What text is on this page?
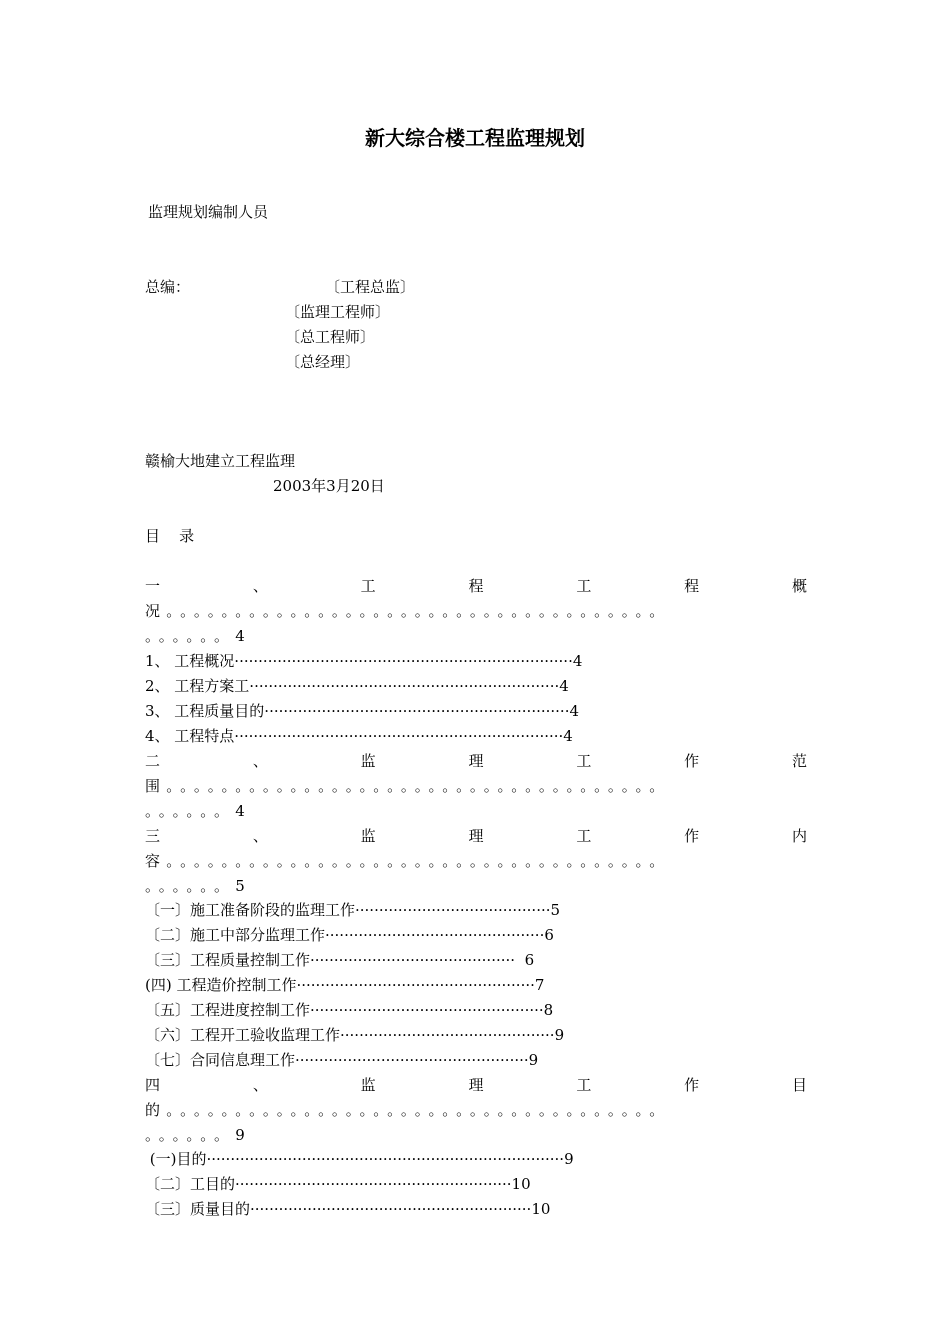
新大综合楼工程监理规划
监理规划编制人员
总编：	〔工程总监〕
〔监理工程师〕
〔总工程师〕
〔总经理〕
赣榆大地建立工程监理
2003年3月20日
目    录
一	、	工	程	工	程	概
况。。。。。。。。。。。。。。。。。。。。。。。。。。。。。。。。。。。。
。。。。。。4
1、 工程概况·······································································4
2、 工程方案工·································································4
3、 工程质量目的································································4
4、 工程特点·····································································4
二	、	监	理	工	作	范
围。。。。。。。。。。。。。。。。。。。。。。。。。。。。。。。。。。。。
。。。。。。4
三	、	监	理	工	作	内
容。。。。。。。。。。。。。。。。。。。。。。。。。。。。。。。。。。。。
。。。。。。5
〔一〕施工准备阶段的监理工作·········································5
〔二〕施工中部分监理工作··············································6
〔三〕工程质量控制工作···········································  6
(四) 工程造价控制工作··················································7
〔五〕工程进度控制工作·················································8
〔六〕工程开工验收监理工作·············································9
〔七〕合同信息理工作·················································9
四	、	监	理	工	作	目
的。。。。。。。。。。。。。。。。。。。。。。。。。。。。。。。。。。。。
。。。。。。9
(一)目的···········································································9
〔二〕工目的··························································10
〔三〕质量目的···························································10
